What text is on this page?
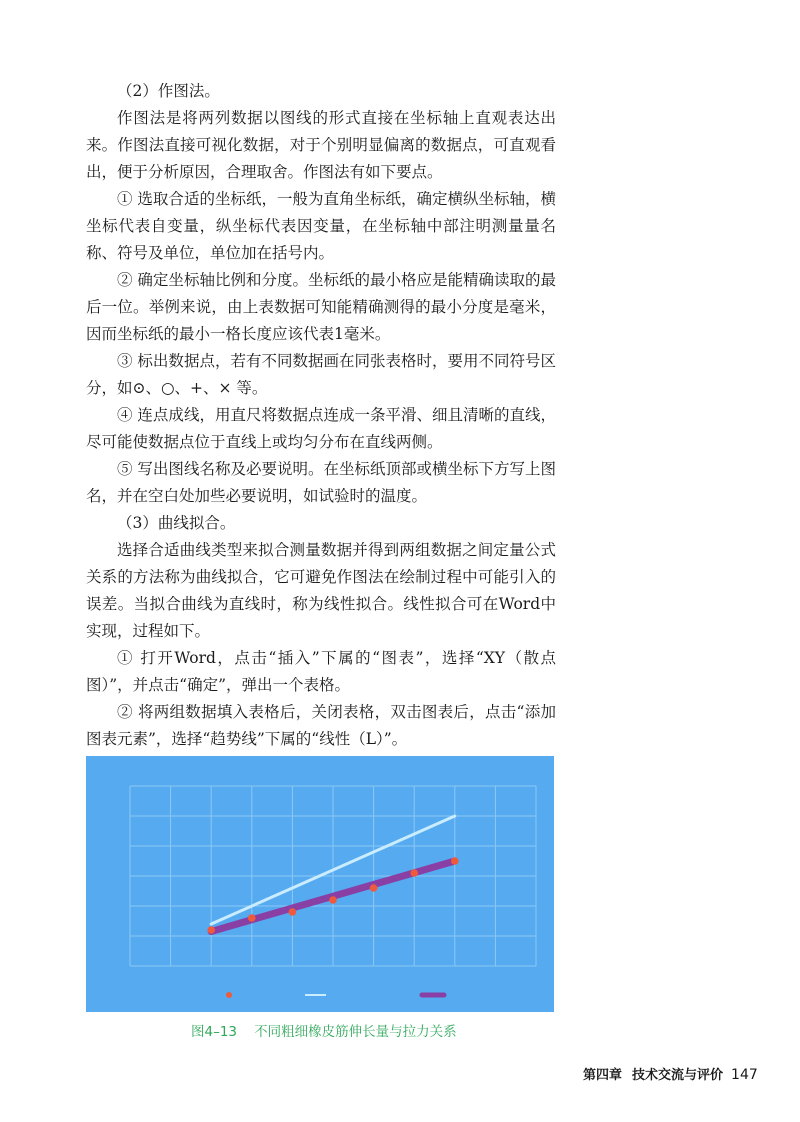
（2）作图法。

作图法是将两列数据以图线的形式直接在坐标轴上直观表达出来。作图法直接可视化数据，对于个别明显偏离的数据点，可直观看出，便于分析原因，合理取舍。作图法有如下要点。

① 选取合适的坐标纸，一般为直角坐标纸，确定横纵坐标轴，横坐标代表自变量，纵坐标代表因变量，在坐标轴中部注明测量量名称、符号及单位，单位加在括号内。

② 确定坐标轴比例和分度。坐标纸的最小格应是能精确读取的最后一位。举例来说，由上表数据可知能精确测得的最小分度是毫米，因而坐标纸的最小一格长度应该代表1毫米。

③ 标出数据点，若有不同数据画在同张表格时，要用不同符号区分，如⊙、○、+、× 等。

④ 连点成线，用直尺将数据点连成一条平滑、细且清晰的直线，尽可能使数据点位于直线上或均匀分布在直线两侧。

⑤ 写出图线名称及必要说明。在坐标纸顶部或横坐标下方写上图名，并在空白处加些必要说明，如试验时的温度。

（3）曲线拟合。

选择合适曲线类型来拟合测量数据并得到两组数据之间定量公式关系的方法称为曲线拟合，它可避免作图法在绘制过程中可能引入的误差。当拟合曲线为直线时，称为线性拟合。线性拟合可在Word中实现，过程如下。

① 打开Word，点击“插入”下属的“图表”，选择“XY（散点图）”，并点击“确定”，弹出一个表格。

② 将两组数据填入表格后，关闭表格，双击图表后，点击“添加图表元素”，选择“趋势线”下属的“线性（L）”。

图4–13    不同粗细橡皮筋伸长量与拉力关系
第四章 技术交流与评价 147
